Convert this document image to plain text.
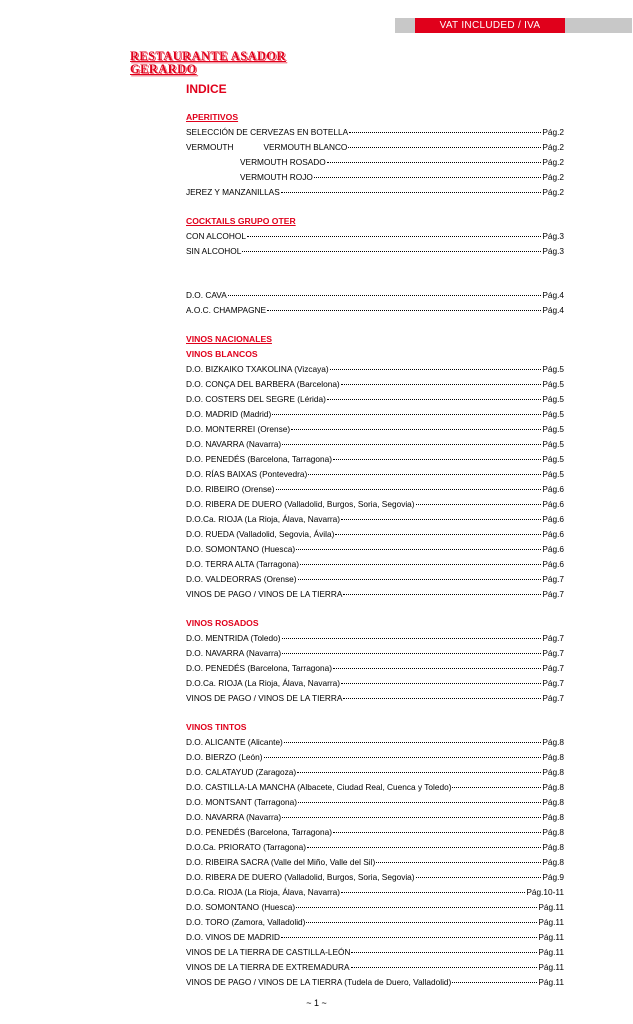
VAT INCLUDED / IVA
RESTAURANTE ASADOR
GERARDO
INDICE
APERITIVOS
SELECCIÓN DE CERVEZAS EN BOTELLA	Pág.2
VERMOUTH	VERMOUTH BLANCO	Pág.2
VERMOUTH ROSADO	Pág.2
VERMOUTH ROJO	Pág.2
JEREZ Y MANZANILLAS	Pág.2
COCKTAILS GRUPO OTER
CON ALCOHOL	Pág.3
SIN ALCOHOL	Pág.3
D.O. CAVA	Pág.4
A.O.C. CHAMPAGNE	Pág.4
VINOS NACIONALES
VINOS BLANCOS
D.O. BIZKAIKO TXAKOLINA (Vizcaya)	Pág.5
D.O. CONÇA DEL BARBERA (Barcelona)	Pág.5
D.O. COSTERS DEL SEGRE (Lérida)	Pág.5
D.O. MADRID (Madrid)	Pág.5
D.O. MONTERREI (Orense)	Pág.5
D.O. NAVARRA (Navarra)	Pág.5
D.O. PENEDÉS (Barcelona, Tarragona)	Pág.5
D.O. RÍAS BAIXAS (Pontevedra)	Pág.5
D.O. RIBEIRO (Orense)	Pág.6
D.O. RIBERA DE DUERO (Valladolid, Burgos, Soria, Segovia)	Pág.6
D.O.Ca. RIOJA (La Rioja, Álava, Navarra)	Pág.6
D.O. RUEDA (Valladolid, Segovia, Ávila)	Pág.6
D.O. SOMONTANO (Huesca)	Pág.6
D.O. TERRA ALTA (Tarragona)	Pág.6
D.O. VALDEORRAS (Orense)	Pág.7
VINOS DE PAGO / VINOS DE LA TIERRA	Pág.7
VINOS ROSADOS
D.O. MENTRIDA (Toledo)	Pág.7
D.O. NAVARRA (Navarra)	Pág.7
D.O. PENEDÉS (Barcelona, Tarragona)	Pág.7
D.O.Ca. RIOJA (La Rioja, Álava, Navarra)	Pág.7
VINOS DE PAGO / VINOS DE LA TIERRA	Pág.7
VINOS TINTOS
D.O. ALICANTE (Alicante)	Pág.8
D.O. BIERZO (León)	Pág.8
D.O. CALATAYUD (Zaragoza)	Pág.8
D.O. CASTILLA-LA MANCHA (Albacete, Ciudad Real, Cuenca y Toledo)	Pág.8
D.O. MONTSANT (Tarragona)	Pág.8
D.O. NAVARRA (Navarra)	Pág.8
D.O. PENEDÉS (Barcelona, Tarragona)	Pág.8
D.O.Ca. PRIORATO (Tarragona)	Pág.8
D.O. RIBEIRA SACRA (Valle del Miño, Valle del Sil)	Pág.8
D.O. RIBERA DE DUERO (Valladolid, Burgos, Soria, Segovia)	Pág.9
D.O.Ca. RIOJA (La Rioja, Álava, Navarra)	Pág.10-11
D.O. SOMONTANO (Huesca)	Pág.11
D.O. TORO (Zamora, Valladolid)	Pág.11
D.O. VINOS DE MADRID	Pág.11
VINOS DE LA TIERRA DE CASTILLA-LEÓN	Pág.11
VINOS DE LA TIERRA DE EXTREMADURA	Pág.11
VINOS DE PAGO / VINOS DE LA TIERRA (Tudela de Duero, Valladolid)	Pág.11
~ 1 ~
